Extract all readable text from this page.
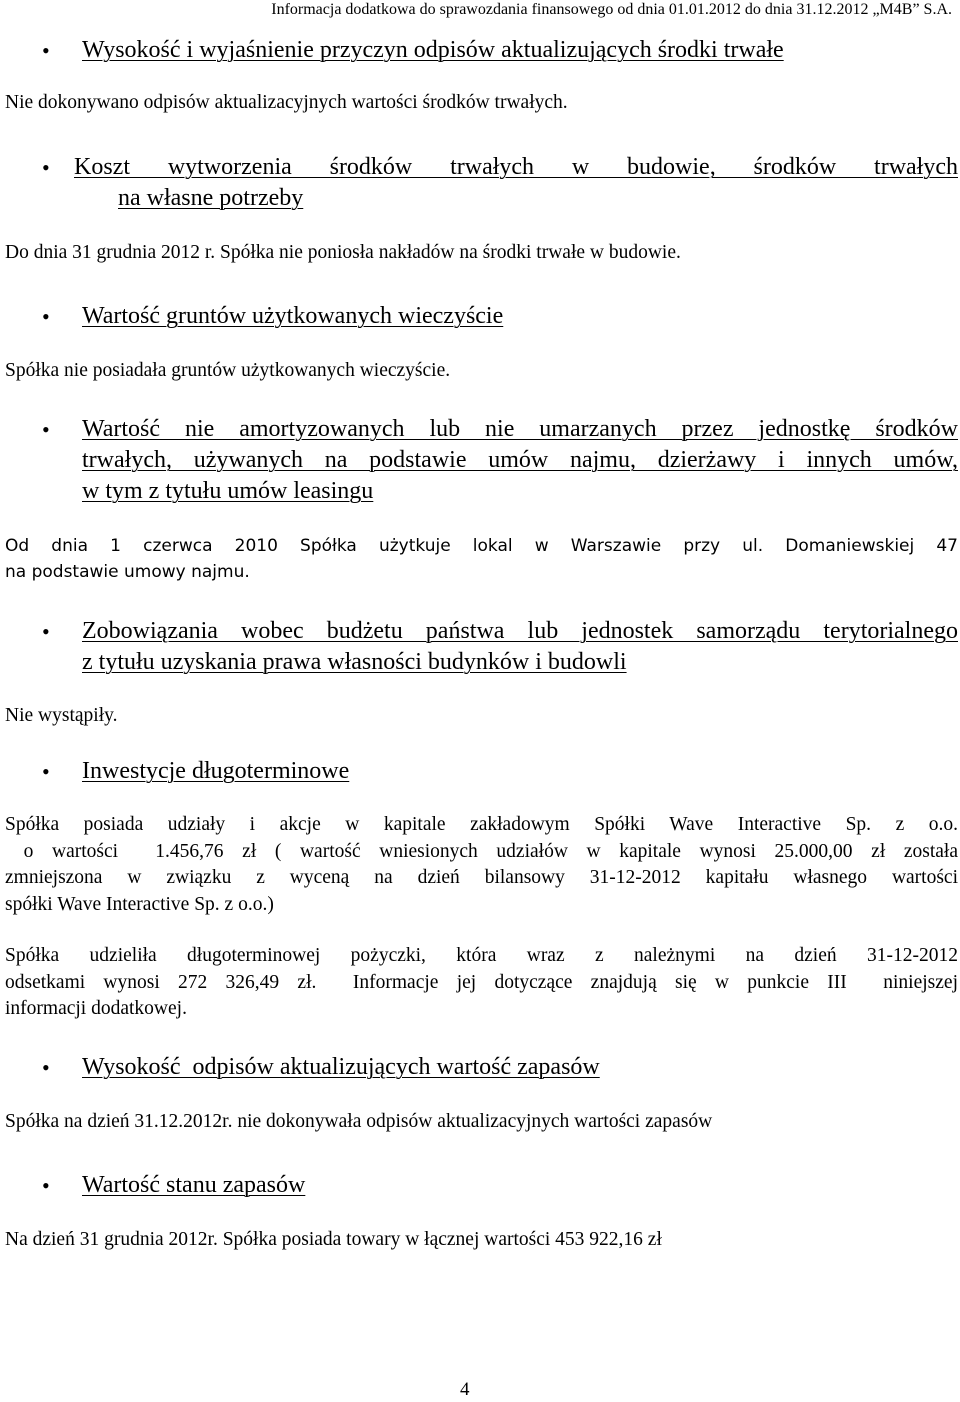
Informacja dodatkowa do sprawozdania finansowego od dnia 01.01.2012 do dnia 31.12.2012 „M4B” S.A.
• Wysokość i wyjaśnienie przyczyn odpisów aktualizujących środki trwałe
Nie dokonywano odpisów aktualizacyjnych wartości środków trwałych.
• Koszt wytworzenia środków trwałych w budowie, środków trwałych
na własne potrzeby
Do dnia 31 grudnia 2012 r. Spółka nie poniosła nakładów na środki trwałe w budowie.
• Wartość gruntów użytkowanych wieczyście
Spółka nie posiadała gruntów użytkowanych wieczyście.
• Wartość nie amortyzowanych lub nie umarzanych przez jednostkę środków
trwałych, używanych na podstawie umów najmu, dzierżawy i innych umów,
w tym z tytułu umów leasingu
Od dnia 1 czerwca 2010 Spółka użytkuje lokal w Warszawie przy ul. Domaniewskiej 47
na podstawie umowy najmu.
• Zobowiązania wobec budżetu państwa lub jednostek samorządu terytorialnego
z tytułu uzyskania prawa własności budynków i budowli
Nie wystąpiły.
• Inwestycje długoterminowe
Spółka posiada udziały i akcje w kapitale zakładowym Spółki Wave Interactive Sp. z o.o.
o wartości  1.456,76 zł ( wartość wniesionych udziałów w kapitale wynosi 25.000,00 zł została
zmniejszona w związku z wyceną na dzień bilansowy 31-12-2012 kapitału własnego wartości
spółki Wave Interactive Sp. z o.o.)
Spółka udzieliła długoterminowej pożyczki, która wraz z należnymi na dzień 31-12-2012
odsetkami wynosi 272 326,49 zł.  Informacje jej dotyczące znajdują się w punkcie III  niniejszej
informacji dodatkowej.
• Wysokość  odpisów aktualizujących wartość zapasów
Spółka na dzień 31.12.2012r. nie dokonywała odpisów aktualizacyjnych wartości zapasów
• Wartość stanu zapasów
Na dzień 31 grudnia 2012r. Spółka posiada towary w łącznej wartości 453 922,16 zł
4
